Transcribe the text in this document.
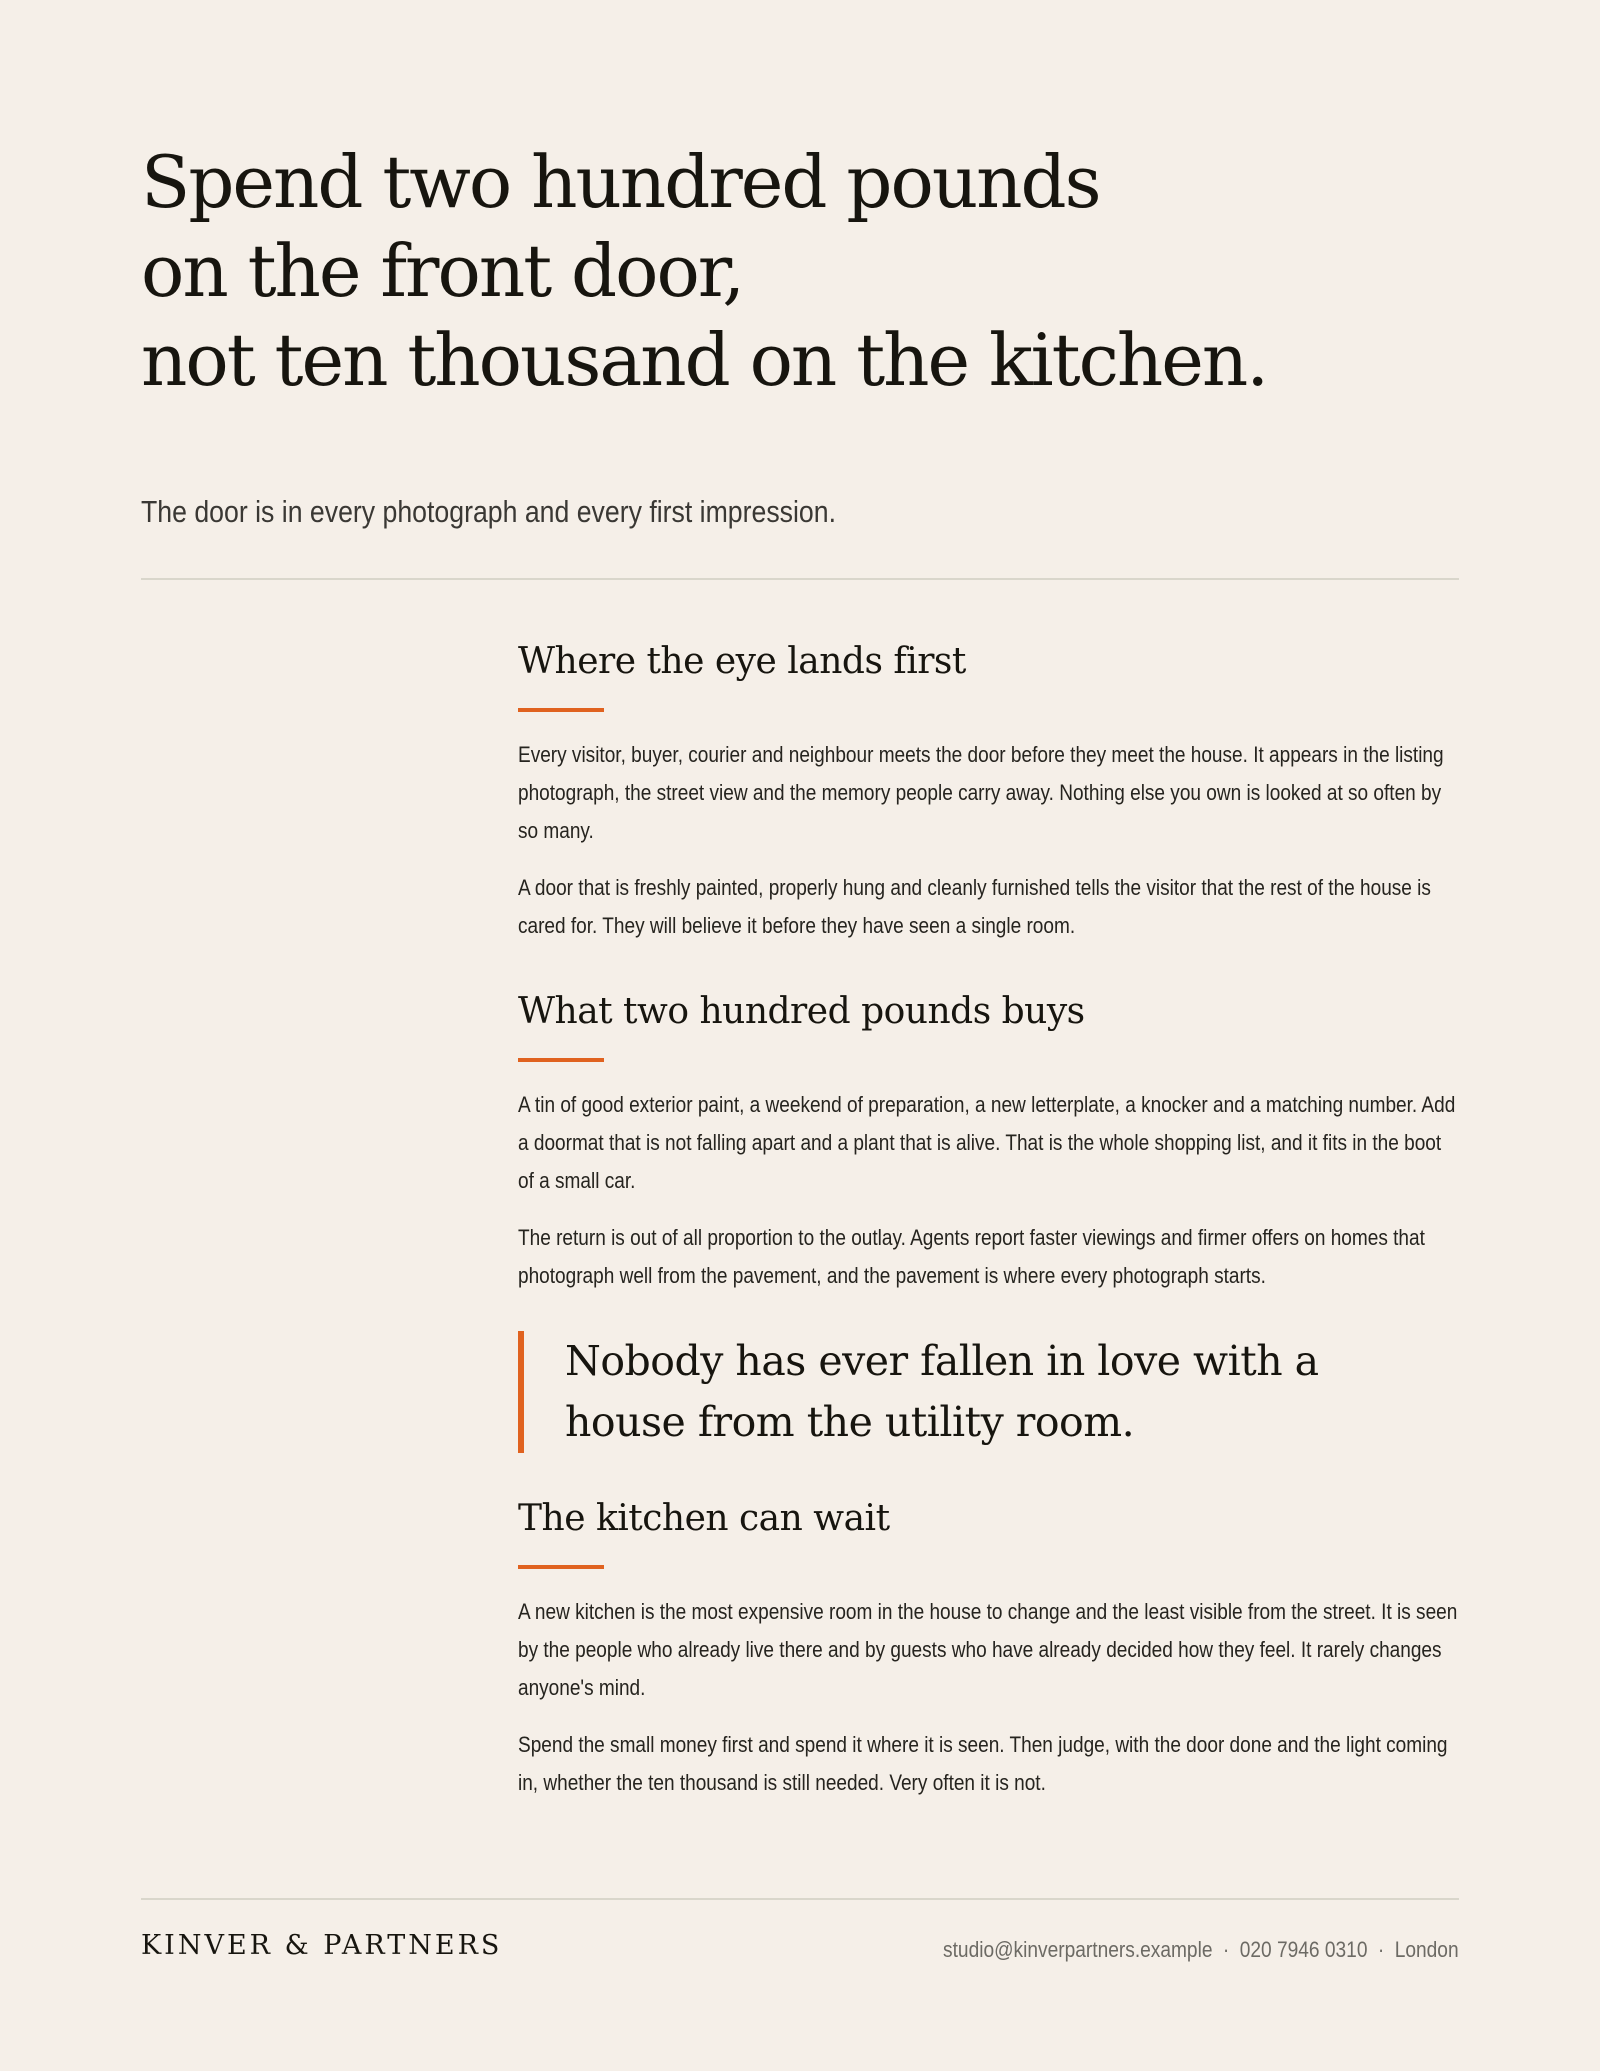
Spend two hundred pounds
on the front door,
not ten thousand on the kitchen.

The door is in every photograph and every first impression.

Where the eye lands first

Every visitor, buyer, courier and neighbour meets the door before they meet the house. It appears in the listing photograph, the street view and the memory people carry away. Nothing else you own is looked at so often by so many.

A door that is freshly painted, properly hung and cleanly furnished tells the visitor that the rest of the house is cared for. They will believe it before they have seen a single room.

What two hundred pounds buys

A tin of good exterior paint, a weekend of preparation, a new letterplate, a knocker and a matching number. Add a doormat that is not falling apart and a plant that is alive. That is the whole shopping list, and it fits in the boot of a small car.

The return is out of all proportion to the outlay. Agents report faster viewings and firmer offers on homes that photograph well from the pavement, and the pavement is where every photograph starts.

Nobody has ever fallen in love with a house from the utility room.
The kitchen can wait

A new kitchen is the most expensive room in the house to change and the least visible from the street. It is seen by the people who already live there and by guests who have already decided how they feel. It rarely changes anyone's mind.

Spend the small money first and spend it where it is seen. Then judge, with the door done and the light coming in, whether the ten thousand is still needed. Very often it is not.

KINVER & PARTNERS	studio@kinverpartners.example · 020 7946 0310 · London
